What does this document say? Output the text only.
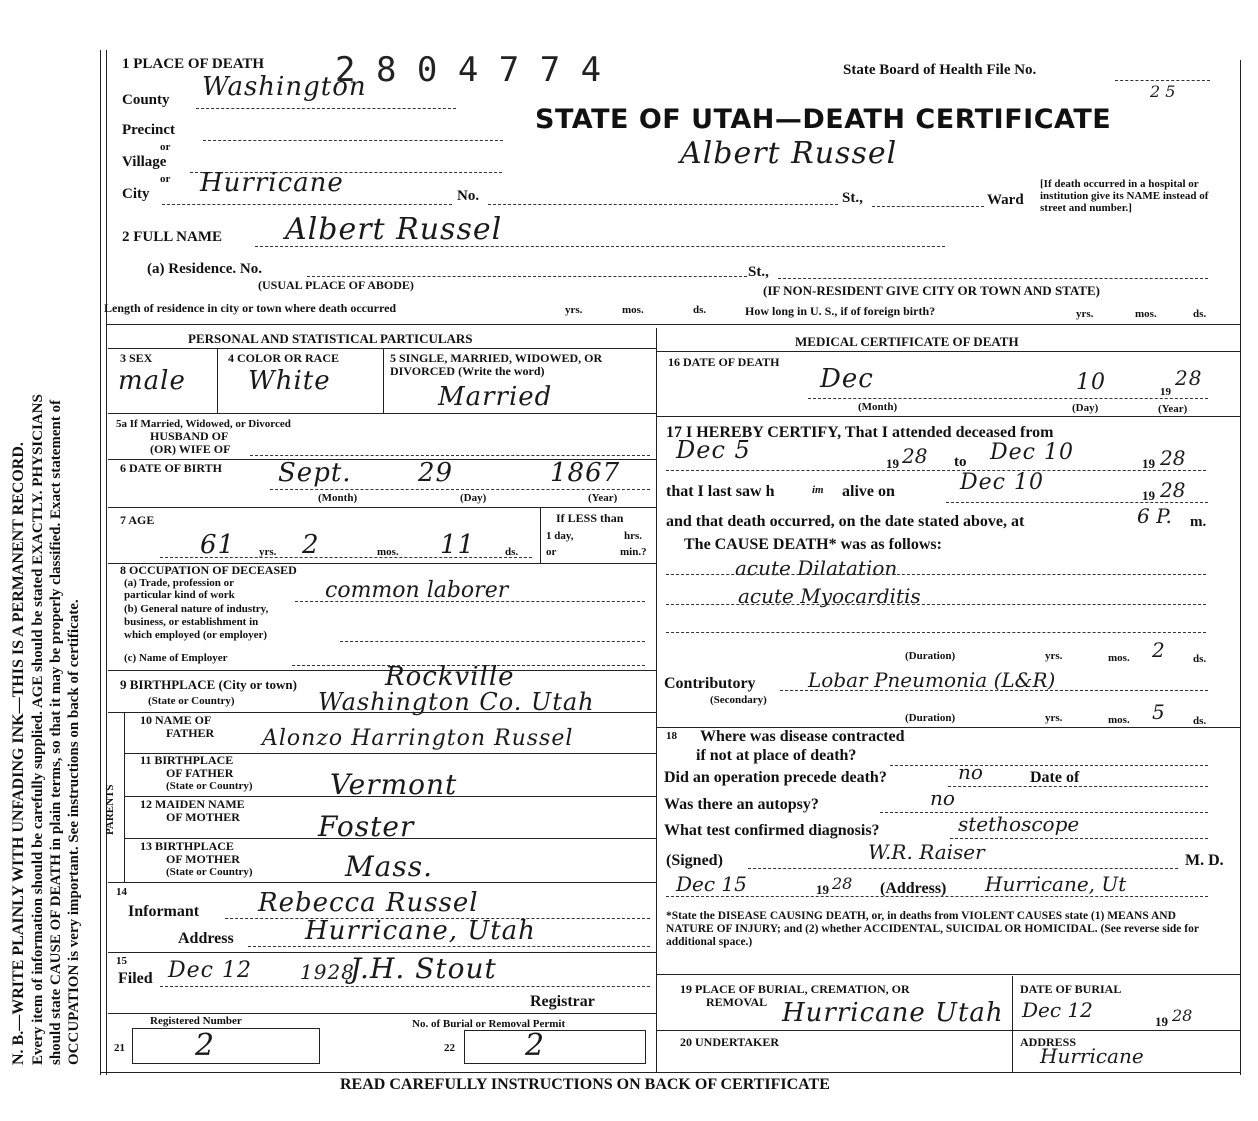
N. B.—WRITE PLAINLY WITH UNFADING INK—THIS IS A PERMANENT RECORD. Every item of information should be carefully supplied. AGE should be stated EXACTLY. PHYSICIANS should state CAUSE OF DEATH in plain terms, so that it may be properly classified. Exact statement of OCCUPATION is very important. See instructions on back of certificate.
1 PLACE OF DEATH 2 8 0 4 7 7 4	State Board of Health File No.
2 5
STATE OF UTAH—DEATH CERTIFICATE
Albert Russel
County Washington
Precinct
or
Village
or
City Hurricane	No.	St.,	Ward
[If death occurred in a hospital or institution give its NAME instead of street and number.]
2 FULL NAME Albert Russel
(a) Residence. No.
(USUAL PLACE OF ABODE)
St.,
(IF NON-RESIDENT GIVE CITY OR TOWN AND STATE)
Length of residence in city or town where death occurred	yrs.	mos.	ds.	How long in U. S., if of foreign birth?	yrs.	mos.	ds.
PERSONAL AND STATISTICAL PARTICULARS
3 SEX
male
4 COLOR OR RACE
White
5 SINGLE, MARRIED, WIDOWED, OR DIVORCED (Write the word)
Married
5a If Married, Widowed, or Divorced
HUSBAND OF
(OR) WIFE OF
6 DATE OF BIRTH Sept.	29	1867
(Month)	(Day)	(Year)
7 AGE
61 yrs. 2	mos. 11	ds.
If LESS than
1 day,	hrs.
or	min.?
8 OCCUPATION OF DECEASED
(a) Trade, profession or
particular kind of work	common laborer
(b) General nature of industry,
business, or establishment in
which employed (or employer)
(c) Name of Employer
9 BIRTHPLACE (City or town)	Rockville
(State or Country)	Washington Co. Utah
PARENTS
10 NAME OF
FATHER Alonzo Harrington Russel
11 BIRTHPLACE
OF FATHER
(State or Country)	Vermont
12 MAIDEN NAME
OF MOTHER	Foster
13 BIRTHPLACE
OF MOTHER
(State or Country)	Mass.
14
Informant Rebecca Russel
Address	Hurricane, Utah
15
Filed Dec 12 1928
J.H. Stout
Registrar
Registered Number	No. of Burial or Removal Permit
21 2	22 2
MEDICAL CERTIFICATE OF DEATH
16 DATE OF DEATH
Dec	10	19
28
(Month)	(Day)	(Year)
17 I HEREBY CERTIFY, That I attended deceased from
Dec 5	19 28 to Dec 10	19 28
that I last saw h	im alive on	Dec 10
19 28
and that death occurred, on the date stated above, at	6 P. m.
The CAUSE DEATH* was as follows:
acute Dilatation
acute Myocarditis
(Duration)	yrs.	mos. 2	ds.
Contributory
(Secondary)
Lobar Pneumonia (L&R)
(Duration)	yrs.	mos. 5	ds.
18 Where was disease contracted
if not at place of death?
Did an operation precede death?	no	Date of
Was there an autopsy?	no
What test confirmed diagnosis?	stethoscope
(Signed)	W.R. Raiser	M. D.
Dec 15	19 28 (Address) Hurricane, Ut
*State the DISEASE CAUSING DEATH, or, in deaths from VIOLENT CAUSES state (1) MEANS AND NATURE OF INJURY; and (2) whether ACCIDENTAL, SUICIDAL OR HOMICIDAL. (See reverse side for additional space.)
19 PLACE OF BURIAL, CREMATION, OR
REMOVAL Hurricane Utah
DATE OF BURIAL
Dec 12	19 28
20 UNDERTAKER	ADDRESS
Hurricane
READ CAREFULLY INSTRUCTIONS ON BACK OF CERTIFICATE
